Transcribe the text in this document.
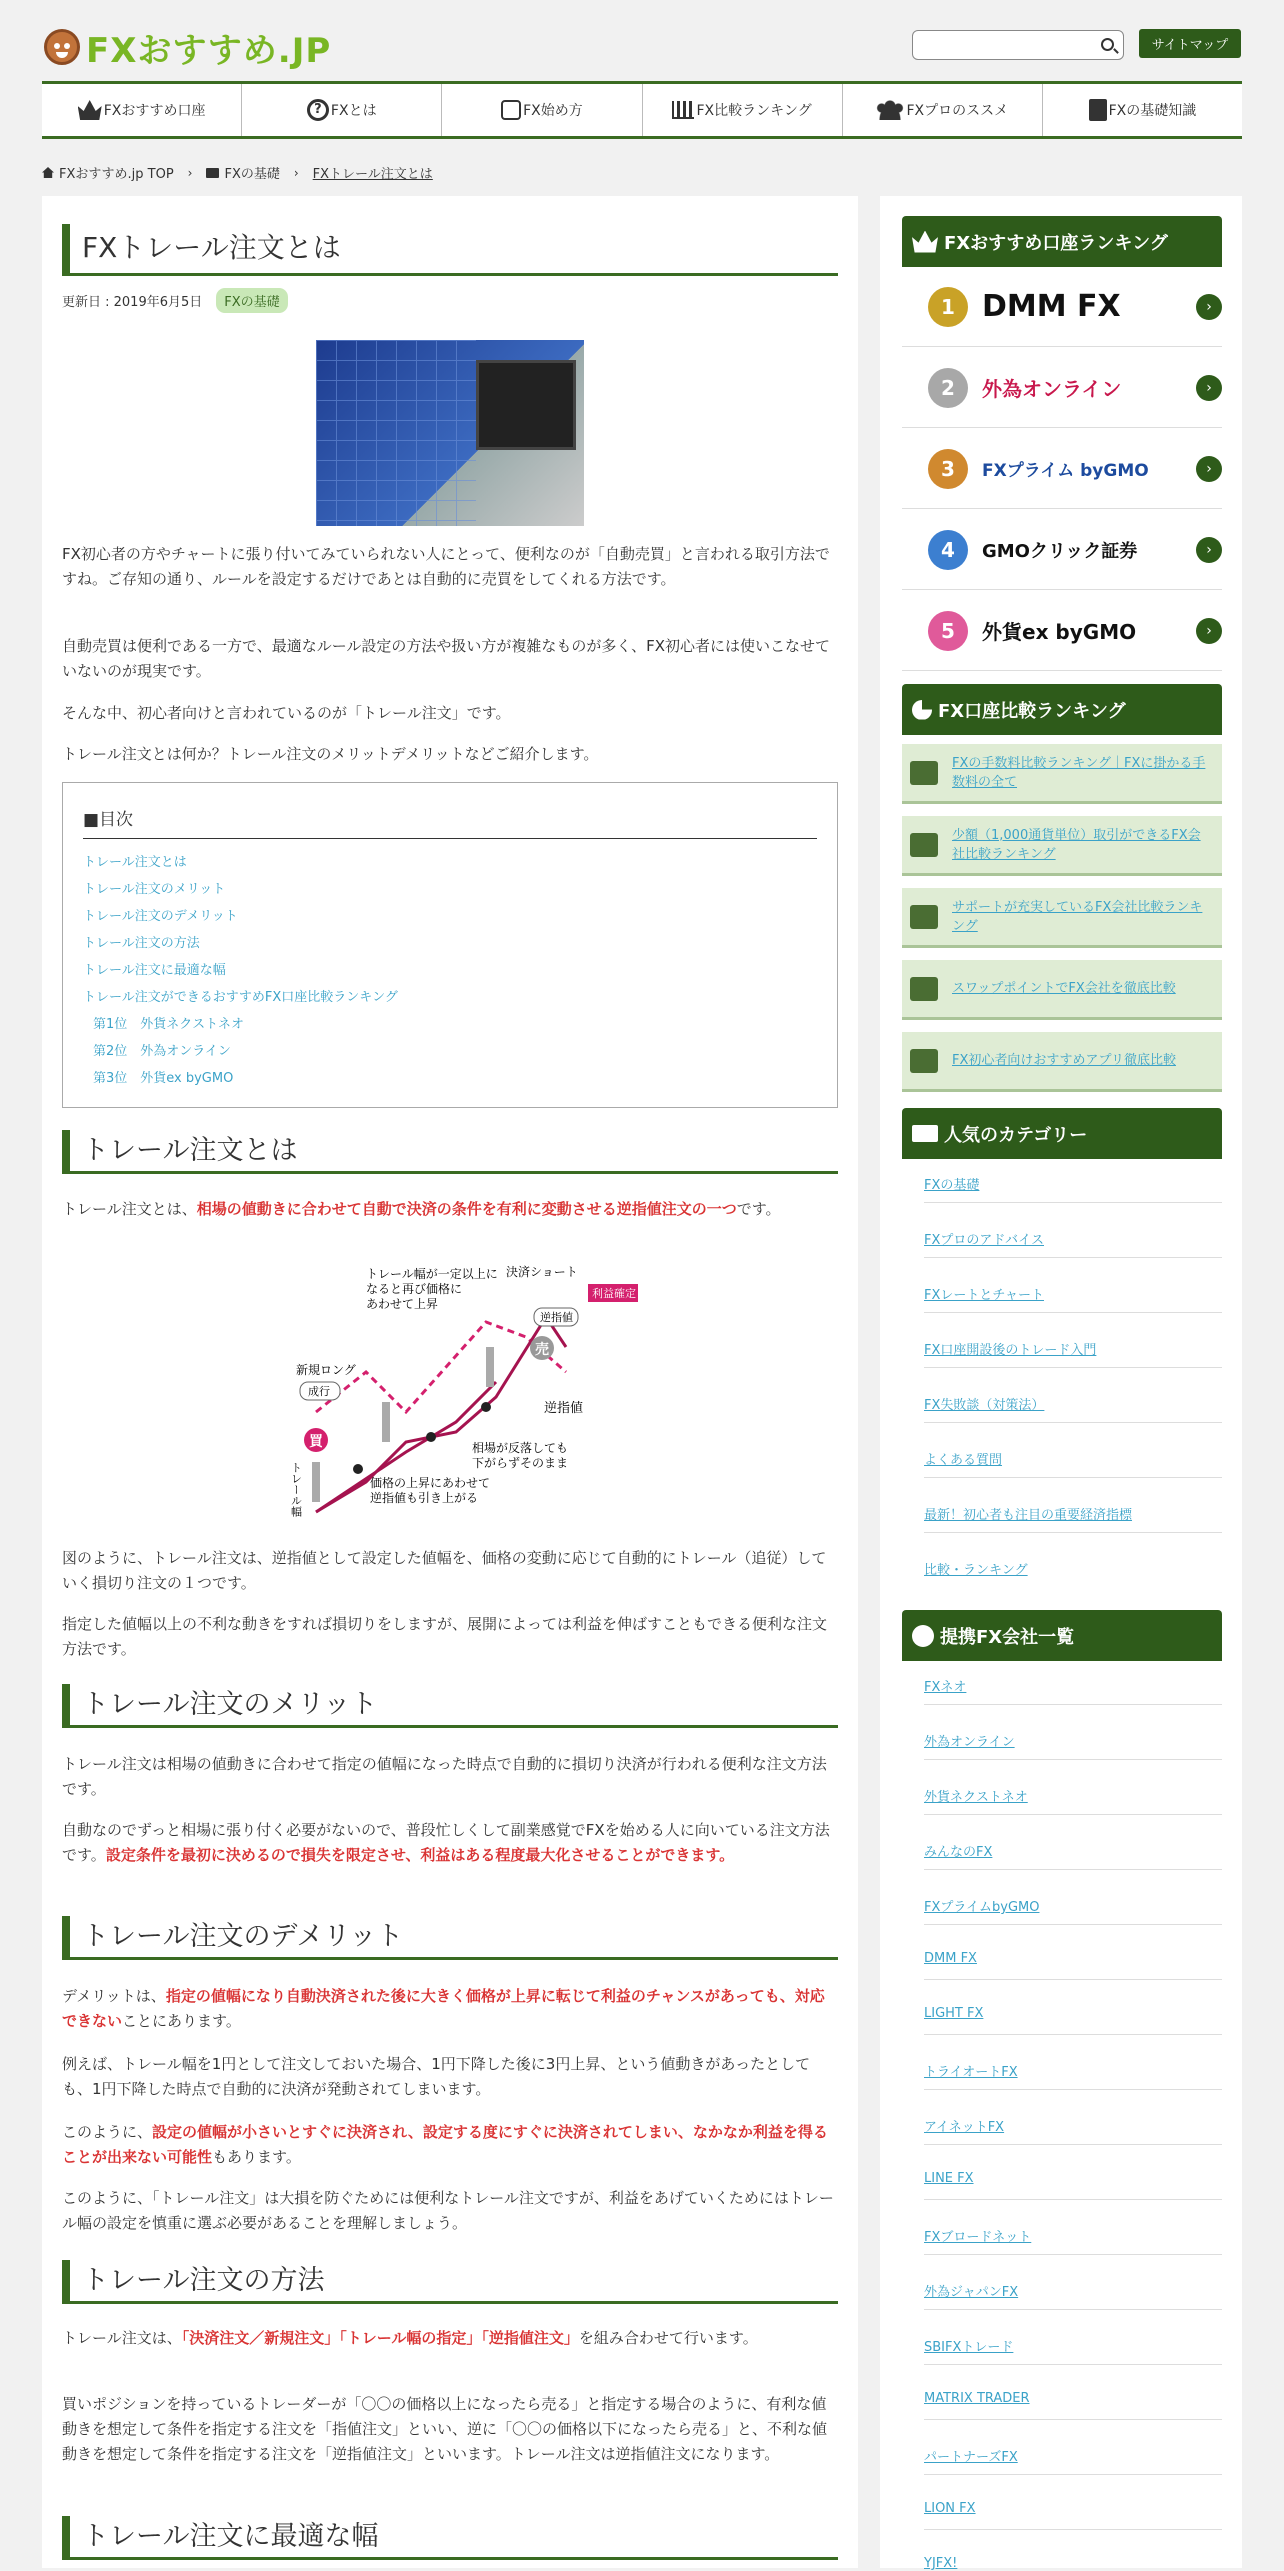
FXおすすめ.JP	サイトマップ
FXおすすめ口座	? FXとは	FX始め方	FX比較ランキング	FXプロのススメ	FXの基礎知識
FXおすすめ.jp TOP › FXの基礎 › FXトレール注文とは
FXトレール注文とは
更新日 : 2019年6月5日	FXの基礎

FX初心者の方やチャートに張り付いてみていられない人にとって、便利なのが「自動売買」と言われる取引方法ですね。ご存知の通り、ルールを設定するだけであとは自動的に売買をしてくれる方法です。

自動売買は便利である一方で、最適なルール設定の方法や扱い方が複雑なものが多く、FX初心者には使いこなせていないのが現実です。

そんな中、初心者向けと言われているのが「トレール注文」です。

トレール注文とは何か？トレール注文のメリットデメリットなどご紹介します。

■目次
トレール注文とは
トレール注文のメリット
トレール注文のデメリット
トレール注文の方法
トレール注文に最適な幅
トレール注文ができるおすすめFX口座比較ランキング
第1位　外貨ネクストネオ
第2位　外為オンライン
第3位　外貨ex byGMO
トレール注文とは

トレール注文とは、相場の値動きに合わせて自動で決済の条件を有利に変動させる逆指値注文の一つです。

買
売
トレール幅が一定以上に
なると再び価格に
あわせて上昇
決済ショート
利益確定
逆指値
新規ロング
成行
逆指値
相場が反落しても
下がらずそのまま
価格の上昇にあわせて
逆指値も引き上がる
トレール幅

図のように、トレール注文は、逆指値として設定した値幅を、価格の変動に応じて自動的にトレール（追従）していく損切り注文の１つです。

指定した値幅以上の不利な動きをすれば損切りをしますが、展開によっては利益を伸ばすこともできる便利な注文方法です。

トレール注文のメリット

トレール注文は相場の値動きに合わせて指定の値幅になった時点で自動的に損切り決済が行われる便利な注文方法です。

自動なのでずっと相場に張り付く必要がないので、普段忙しくして副業感覚でFXを始める人に向いている注文方法です。設定条件を最初に決めるので損失を限定させ、利益はある程度最大化させることができます。

トレール注文のデメリット

デメリットは、指定の値幅になり自動決済された後に大きく価格が上昇に転じて利益のチャンスがあっても、対応できないことにあります。

例えば、トレール幅を1円として注文しておいた場合、1円下降した後に3円上昇、という値動きがあったとしても、1円下降した時点で自動的に決済が発動されてしまいます。

このように、設定の値幅が小さいとすぐに決済され、設定する度にすぐに決済されてしまい、なかなか利益を得ることが出来ない可能性もあります。

このように、「トレール注文」は大損を防ぐためには便利なトレール注文ですが、利益をあげていくためにはトレール幅の設定を慎重に選ぶ必要があることを理解しましょう。

トレール注文の方法

トレール注文は、「決済注文／新規注文」「トレール幅の指定」「逆指値注文」を組み合わせて行います。

買いポジションを持っているトレーダーが「〇〇の価格以上になったら売る」と指定する場合のように、有利な値動きを想定して条件を指定する注文を「指値注文」といい、逆に「〇〇の価格以下になったら売る」と、不利な値動きを想定して条件を指定する注文を「逆指値注文」といいます。トレール注文は逆指値注文になります。

トレール注文に最適な幅
FXおすすめ口座ランキング
1 DMM FX	›
2	外為オンライン	›
3	FXプライム byGMO	›
4	GMOクリック証券	›
5	外貨ex byGMO	›
FX口座比較ランキング
FXの手数料比較ランキング｜FXに掛かる手数料の全て
少額（1,000通貨単位）取引ができるFX会社比較ランキング
サポートが充実しているFX会社比較ランキング
スワップポイントでFX会社を徹底比較
FX初心者向けおすすめアプリ徹底比較
人気のカテゴリー
FXの基礎
FXプロのアドバイス
FXレートとチャート
FX口座開設後のトレード入門
FX失敗談（対策法）
よくある質問
最新！初心者も注目の重要経済指標
比較・ランキング
提携FX会社一覧
FXネオ
外為オンライン
外貨ネクストネオ
みんなのFX
FXプライムbyGMO
DMM FX
LIGHT FX
トライオートFX
アイネットFX
LINE FX
FXブロードネット
外為ジャパンFX
SBIFXトレード
MATRIX TRADER
パートナーズFX
LION FX
YJFX!
